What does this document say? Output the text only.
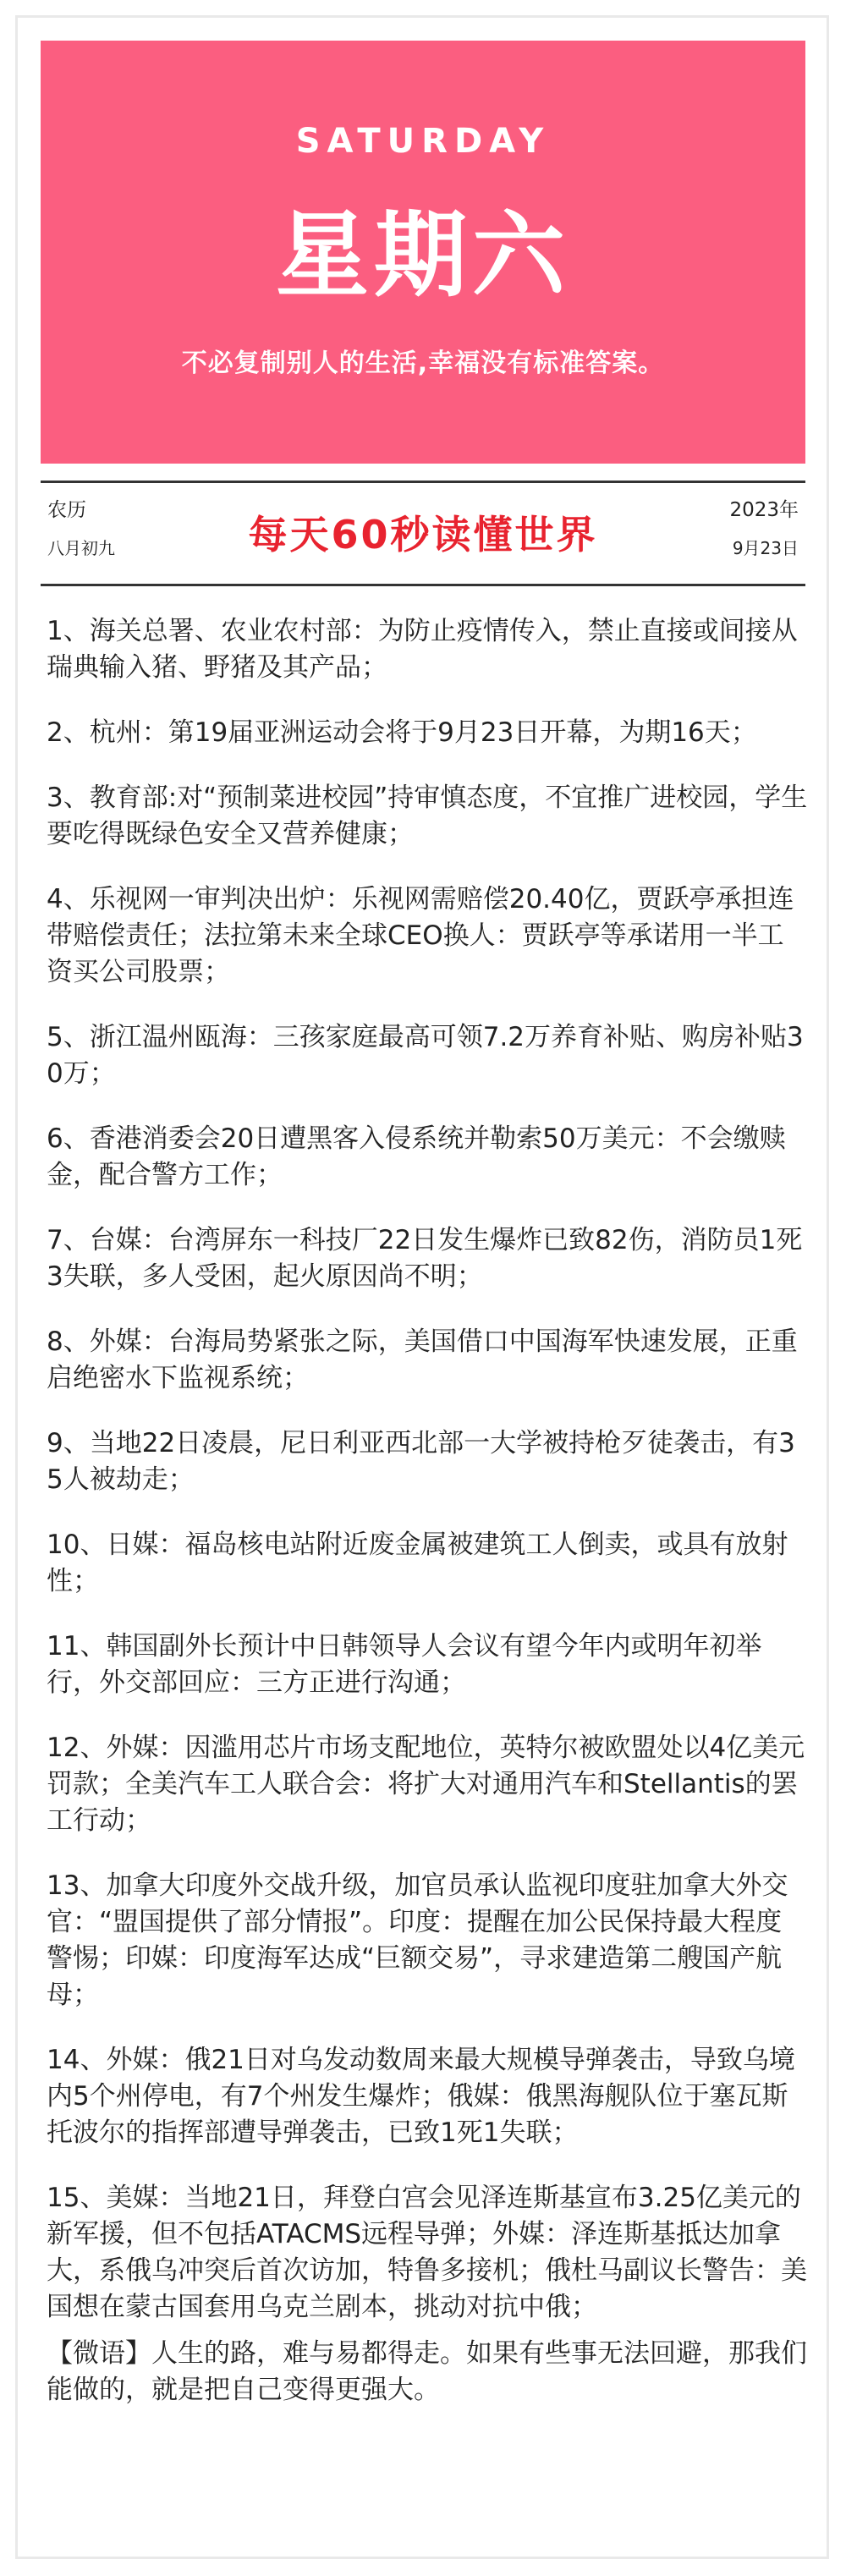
SATURDAY
星期六
不必复制别人的生活,幸福没有标准答案。
农历
八月初九	每天60秒读懂世界
2023年
9月23日
1、海关总署、农业农村部：为防止疫情传入，禁止直接或间接从瑞典输入猪、野猪及其产品；
2、杭州：第19届亚洲运动会将于9月23日开幕，为期16天；
3、教育部:对“预制菜进校园”持审慎态度，不宜推广进校园，学生要吃得既绿色安全又营养健康；
4、乐视网一审判决出炉：乐视网需赔偿20.40亿，贾跃亭承担连带赔偿责任；法拉第未来全球CEO换人：贾跃亭等承诺用一半工资买公司股票；
5、浙江温州瓯海：三孩家庭最高可领7.2万养育补贴、购房补贴30万；
6、香港消委会20日遭黑客入侵系统并勒索50万美元：不会缴赎金，配合警方工作；
7、台媒：台湾屏东一科技厂22日发生爆炸已致82伤，消防员1死3失联，多人受困，起火原因尚不明；
8、外媒：台海局势紧张之际，美国借口中国海军快速发展，正重启绝密水下监视系统；
9、当地22日凌晨，尼日利亚西北部一大学被持枪歹徒袭击，有35人被劫走；
10、日媒：福岛核电站附近废金属被建筑工人倒卖，或具有放射性；
11、韩国副外长预计中日韩领导人会议有望今年内或明年初举行，外交部回应：三方正进行沟通；
12、外媒：因滥用芯片市场支配地位，英特尔被欧盟处以4亿美元罚款；全美汽车工人联合会：将扩大对通用汽车和Stellantis的罢工行动；
13、加拿大印度外交战升级，加官员承认监视印度驻加拿大外交官：“盟国提供了部分情报”。印度：提醒在加公民保持最大程度警惕；印媒：印度海军达成“巨额交易”，寻求建造第二艘国产航母；
14、外媒：俄21日对乌发动数周来最大规模导弹袭击，导致乌境内5个州停电，有7个州发生爆炸；俄媒：俄黑海舰队位于塞瓦斯托波尔的指挥部遭导弹袭击，已致1死1失联；
15、美媒：当地21日，拜登白宫会见泽连斯基宣布3.25亿美元的新军援，但不包括ATACMS远程导弹；外媒：泽连斯基抵达加拿大，系俄乌冲突后首次访加，特鲁多接机；俄杜马副议长警告：美国想在蒙古国套用乌克兰剧本，挑动对抗中俄；
【微语】人生的路，难与易都得走。如果有些事无法回避，那我们能做的，就是把自己变得更强大。
